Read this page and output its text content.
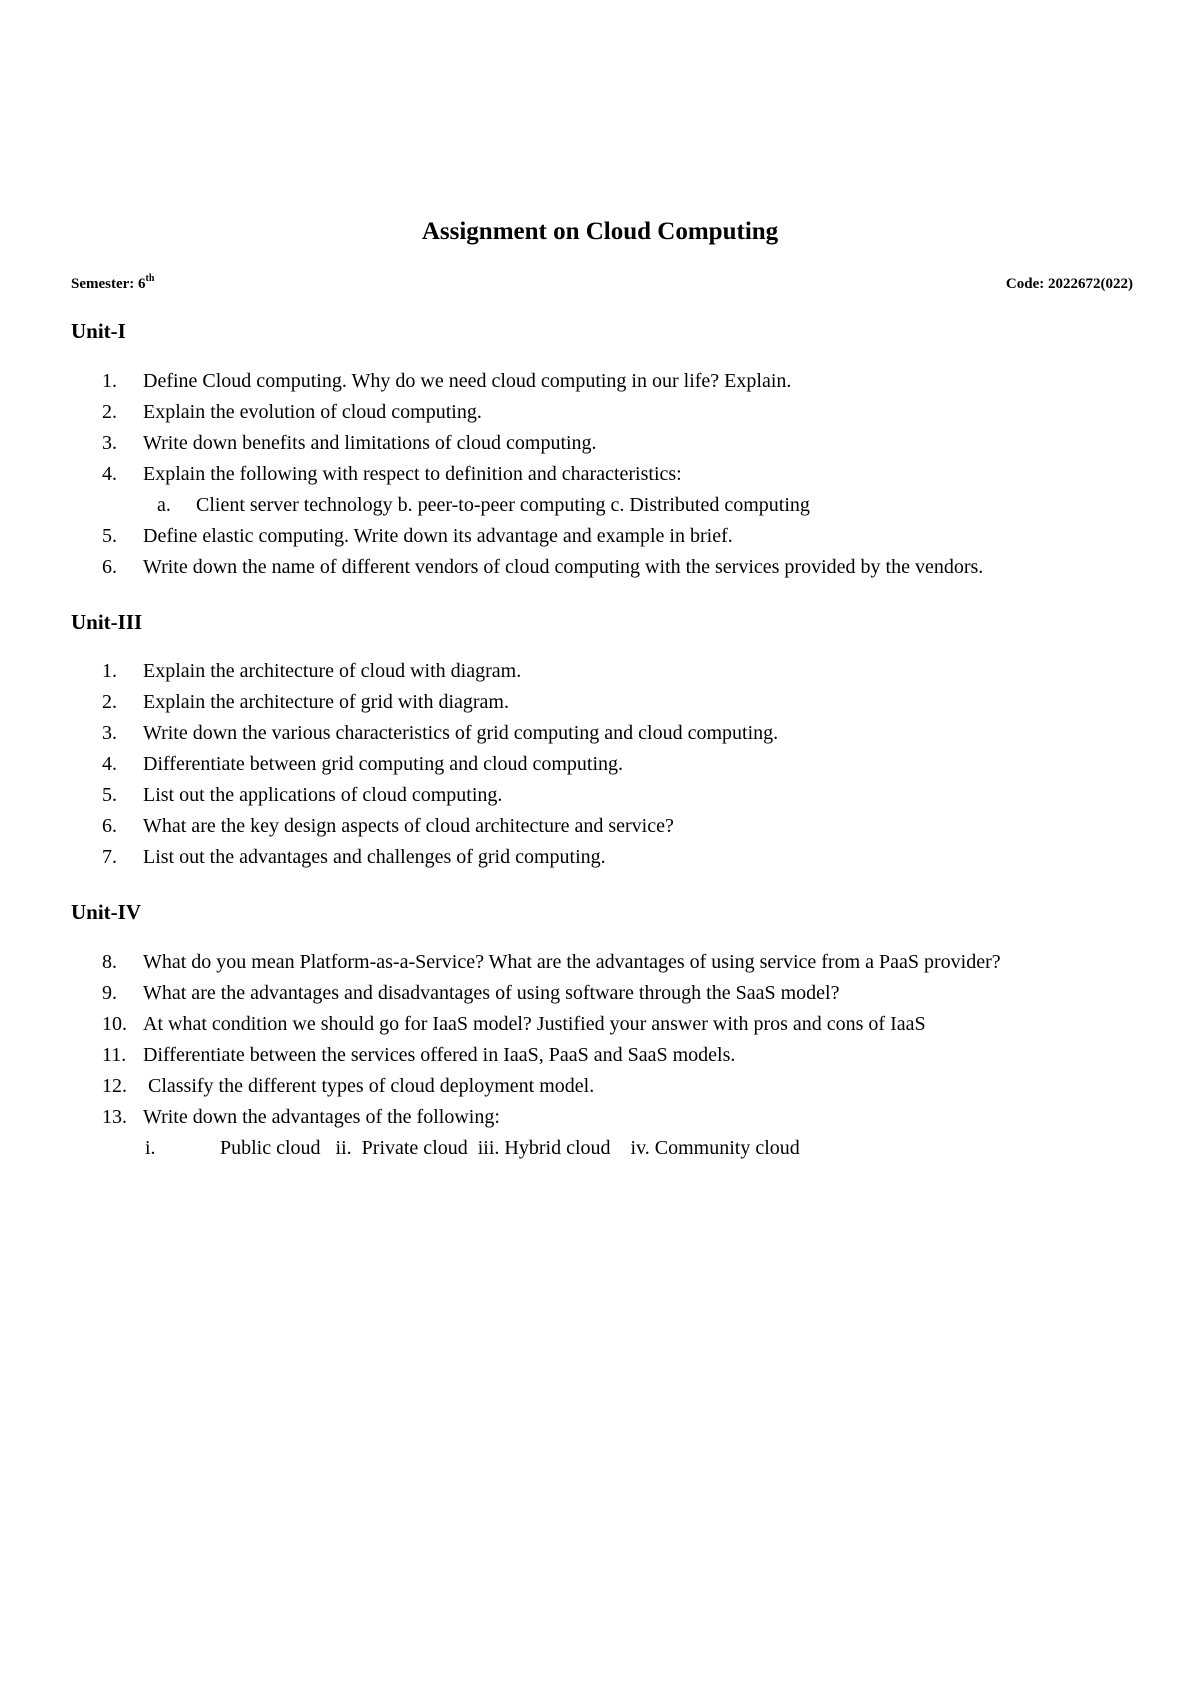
Assignment on Cloud Computing
Semester: 6th	Code: 2022672(022)
Unit-I
1.	Define Cloud computing. Why do we need cloud computing in our life? Explain.
2.	Explain the evolution of cloud computing.
3.	Write down benefits and limitations of cloud computing.
4.	Explain the following with respect to definition and characteristics:
a. Client server technology b. peer-to-peer computing c. Distributed computing
5.	Define elastic computing. Write down its advantage and example in brief.
6.	Write down the name of different vendors of cloud computing with the services provided by the vendors.
Unit-III
1.	Explain the architecture of cloud with diagram.
2.	Explain the architecture of grid with diagram.
3.	Write down the various characteristics of grid computing and cloud computing.
4.	Differentiate between grid computing and cloud computing.
5.	List out the applications of cloud computing.
6.	What are the key design aspects of cloud architecture and service?
7.	List out the advantages and challenges of grid computing.
Unit-IV
8.	What do you mean Platform-as-a-Service? What are the advantages of using service from a PaaS provider?
9.	What are the advantages and disadvantages of using software through the SaaS model?
10. At what condition we should go for IaaS model? Justified your answer with pros and cons of IaaS
11. Differentiate between the services offered in IaaS, PaaS and SaaS models.
12. Classify the different types of cloud deployment model.
13. Write down the advantages of the following:
i.	Public cloud   ii.  Private cloud  iii. Hybrid cloud    iv. Community cloud
